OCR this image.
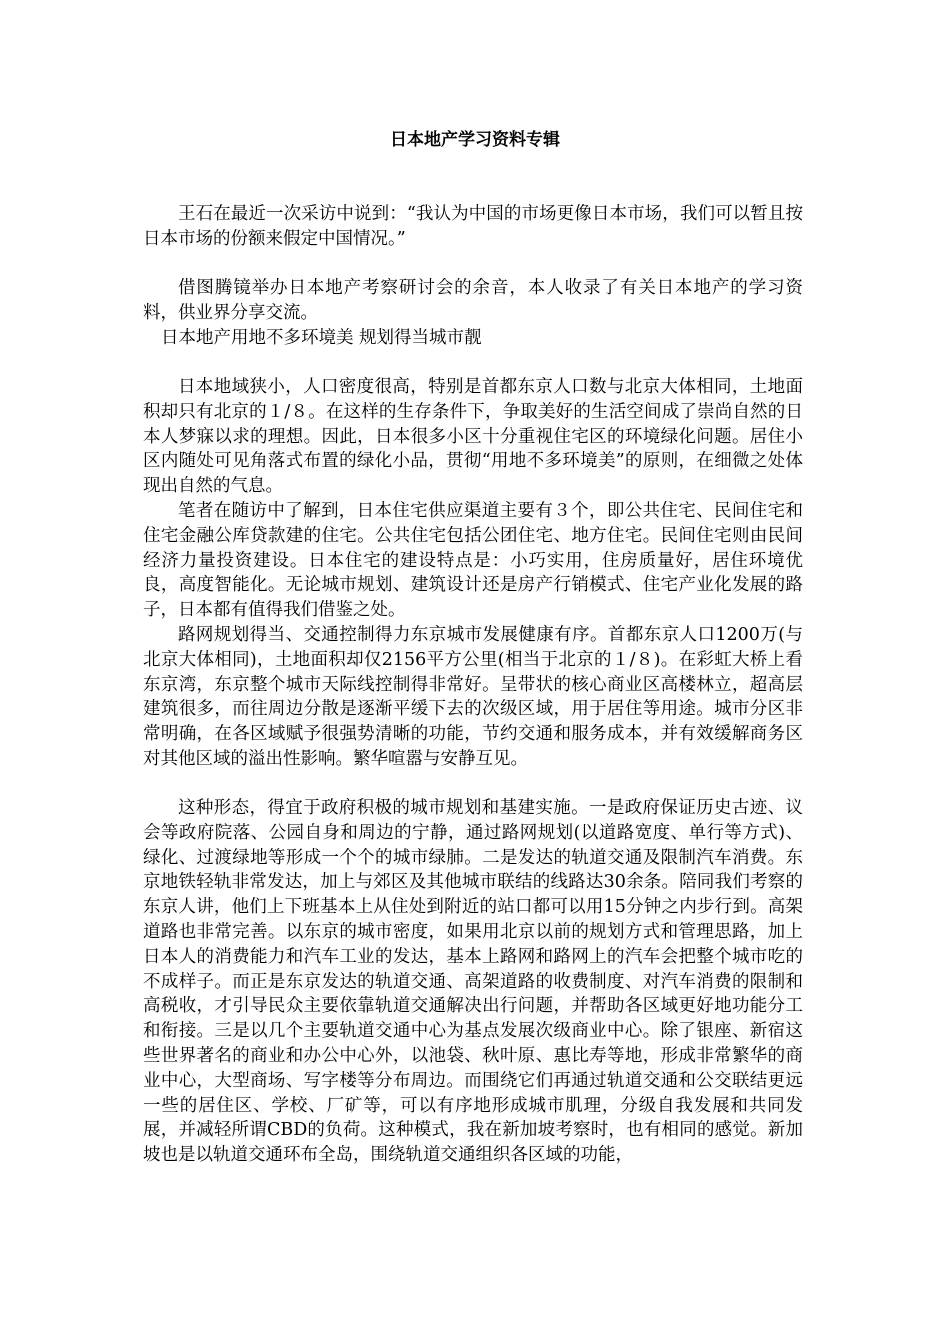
日本地产学习资料专辑

王石在最近一次采访中说到：“我认为中国的市场更像日本市场，我们可以暂且按日本市场的份额来假定中国情况。”

借图腾镜举办日本地产考察研讨会的余音，本人收录了有关日本地产的学习资料，供业界分享交流。

日本地产用地不多环境美 规划得当城市靓

日本地域狭小，人口密度很高，特别是首都东京人口数与北京大体相同，土地面积却只有北京的１/８。在这样的生存条件下，争取美好的生活空间成了崇尚自然的日本人梦寐以求的理想。因此，日本很多小区十分重视住宅区的环境绿化问题。居住小区内随处可见角落式布置的绿化小品，贯彻“用地不多环境美”的原则，在细微之处体现出自然的气息。

笔者在随访中了解到，日本住宅供应渠道主要有３个，即公共住宅、民间住宅和住宅金融公库贷款建的住宅。公共住宅包括公团住宅、地方住宅。民间住宅则由民间经济力量投资建设。日本住宅的建设特点是：小巧实用，住房质量好，居住环境优良，高度智能化。无论城市规划、建筑设计还是房产行销模式、住宅产业化发展的路子，日本都有值得我们借鉴之处。

路网规划得当、交通控制得力东京城市发展健康有序。首都东京人口1200万(与北京大体相同)，土地面积却仅2156平方公里(相当于北京的１/８)。在彩虹大桥上看东京湾，东京整个城市天际线控制得非常好。呈带状的核心商业区高楼林立，超高层建筑很多，而往周边分散是逐渐平缓下去的次级区域，用于居住等用途。城市分区非常明确，在各区域赋予很强势清晰的功能，节约交通和服务成本，并有效缓解商务区对其他区域的溢出性影响。繁华喧嚣与安静互见。

这种形态，得宜于政府积极的城市规划和基建实施。一是政府保证历史古迹、议会等政府院落、公园自身和周边的宁静，通过路网规划(以道路宽度、单行等方式)、绿化、过渡绿地等形成一个个的城市绿肺。二是发达的轨道交通及限制汽车消费。东京地铁轻轨非常发达，加上与郊区及其他城市联结的线路达30余条。陪同我们考察的东京人讲，他们上下班基本上从住处到附近的站口都可以用15分钟之内步行到。高架道路也非常完善。以东京的城市密度，如果用北京以前的规划方式和管理思路，加上日本人的消费能力和汽车工业的发达，基本上路网和路网上的汽车会把整个城市吃的不成样子。而正是东京发达的轨道交通、高架道路的收费制度、对汽车消费的限制和高税收，才引导民众主要依靠轨道交通解决出行问题，并帮助各区域更好地功能分工和衔接。三是以几个主要轨道交通中心为基点发展次级商业中心。除了银座、新宿这些世界著名的商业和办公中心外，以池袋、秋叶原、惠比寿等地，形成非常繁华的商业中心，大型商场、写字楼等分布周边。而围绕它们再通过轨道交通和公交联结更远一些的居住区、学校、厂矿等，可以有序地形成城市肌理，分级自我发展和共同发展，并减轻所谓CBD的负荷。这种模式，我在新加坡考察时，也有相同的感觉。新加坡也是以轨道交通环布全岛，围绕轨道交通组织各区域的功能，
